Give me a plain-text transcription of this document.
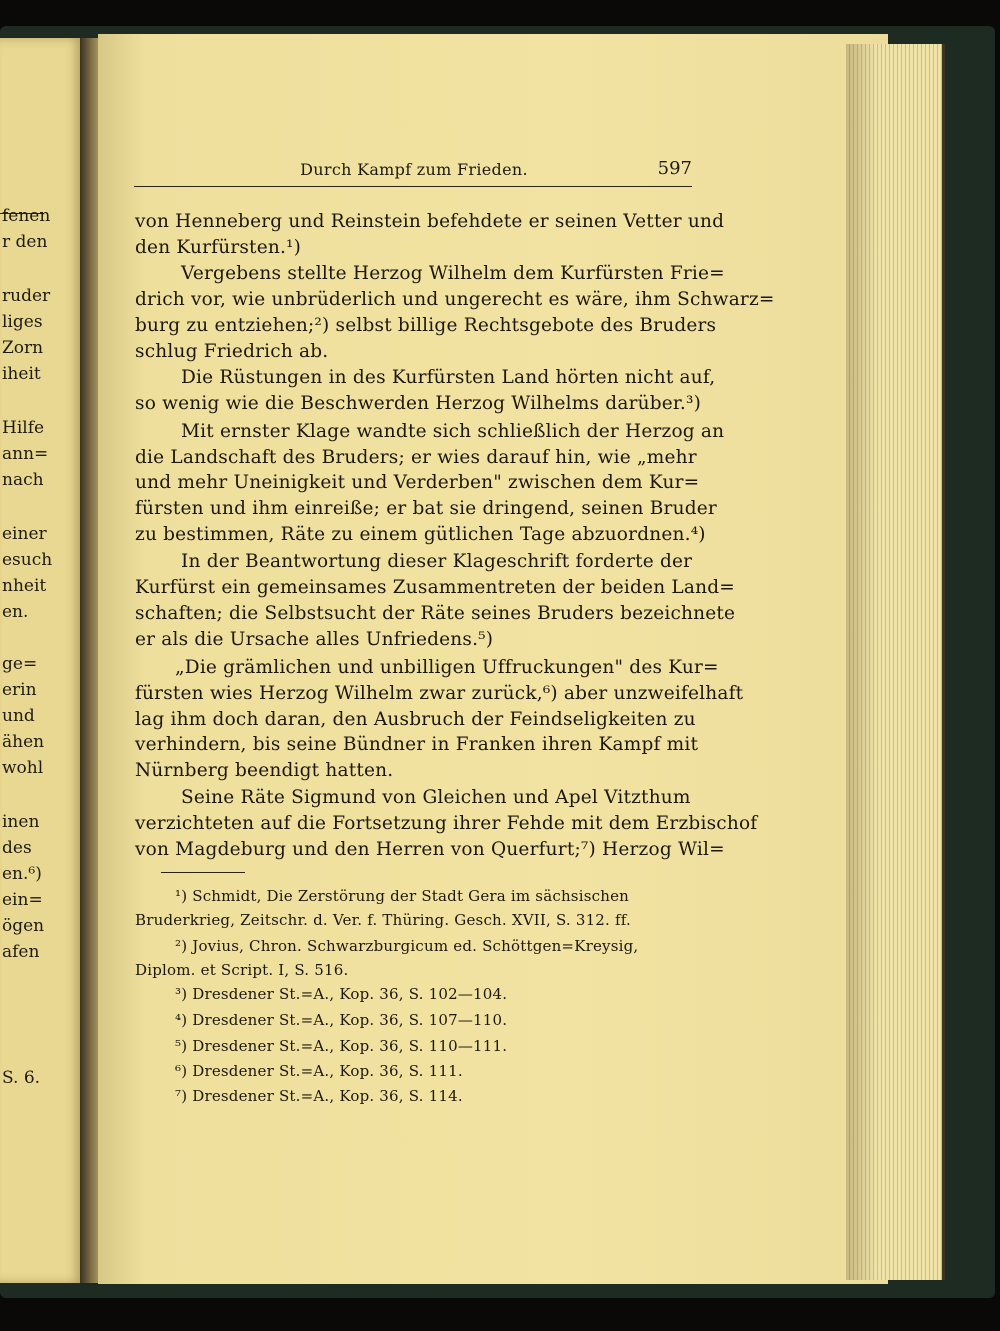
fenen
r den
ruder
liges
Zorn
iheit
Hilfe
ann=
nach
einer
esuch
nheit
en.
ge=
erin
und
ähen
wohl
inen
des
en.⁶)
ein=
ögen
afen
S. 6.
Durch Kampf zum Frieden.	597
von Henneberg und Reinstein befehdete er seinen Vetter und
den Kurfürsten.¹)
Vergebens stellte Herzog Wilhelm dem Kurfürsten Frie=
drich vor, wie unbrüderlich und ungerecht es wäre, ihm Schwarz=
burg zu entziehen;²) selbst billige Rechtsgebote des Bruders
schlug Friedrich ab.
Die Rüstungen in des Kurfürsten Land hörten nicht auf,
so wenig wie die Beschwerden Herzog Wilhelms darüber.³)
Mit ernster Klage wandte sich schließlich der Herzog an
die Landschaft des Bruders; er wies darauf hin, wie „mehr
und mehr Uneinigkeit und Verderben" zwischen dem Kur=
fürsten und ihm einreiße; er bat sie dringend, seinen Bruder
zu bestimmen, Räte zu einem gütlichen Tage abzuordnen.⁴)
In der Beantwortung dieser Klageschrift forderte der
Kurfürst ein gemeinsames Zusammentreten der beiden Land=
schaften; die Selbstsucht der Räte seines Bruders bezeichnete
er als die Ursache alles Unfriedens.⁵)
„Die grämlichen und unbilligen Uffruckungen" des Kur=
fürsten wies Herzog Wilhelm zwar zurück,⁶) aber unzweifelhaft
lag ihm doch daran, den Ausbruch der Feindseligkeiten zu
verhindern, bis seine Bündner in Franken ihren Kampf mit
Nürnberg beendigt hatten.
Seine Räte Sigmund von Gleichen und Apel Vitzthum
verzichteten auf die Fortsetzung ihrer Fehde mit dem Erzbischof
von Magdeburg und den Herren von Querfurt;⁷) Herzog Wil=
¹) Schmidt, Die Zerstörung der Stadt Gera im sächsischen
Bruderkrieg, Zeitschr. d. Ver. f. Thüring. Gesch. XVII, S. 312. ff.
²) Jovius, Chron. Schwarzburgicum ed. Schöttgen=Kreysig,
Diplom. et Script. I, S. 516.
³) Dresdener St.=A., Kop. 36, S. 102—104.
⁴) Dresdener St.=A., Kop. 36, S. 107—110.
⁵) Dresdener St.=A., Kop. 36, S. 110—111.
⁶) Dresdener St.=A., Kop. 36, S. 111.
⁷) Dresdener St.=A., Kop. 36, S. 114.
